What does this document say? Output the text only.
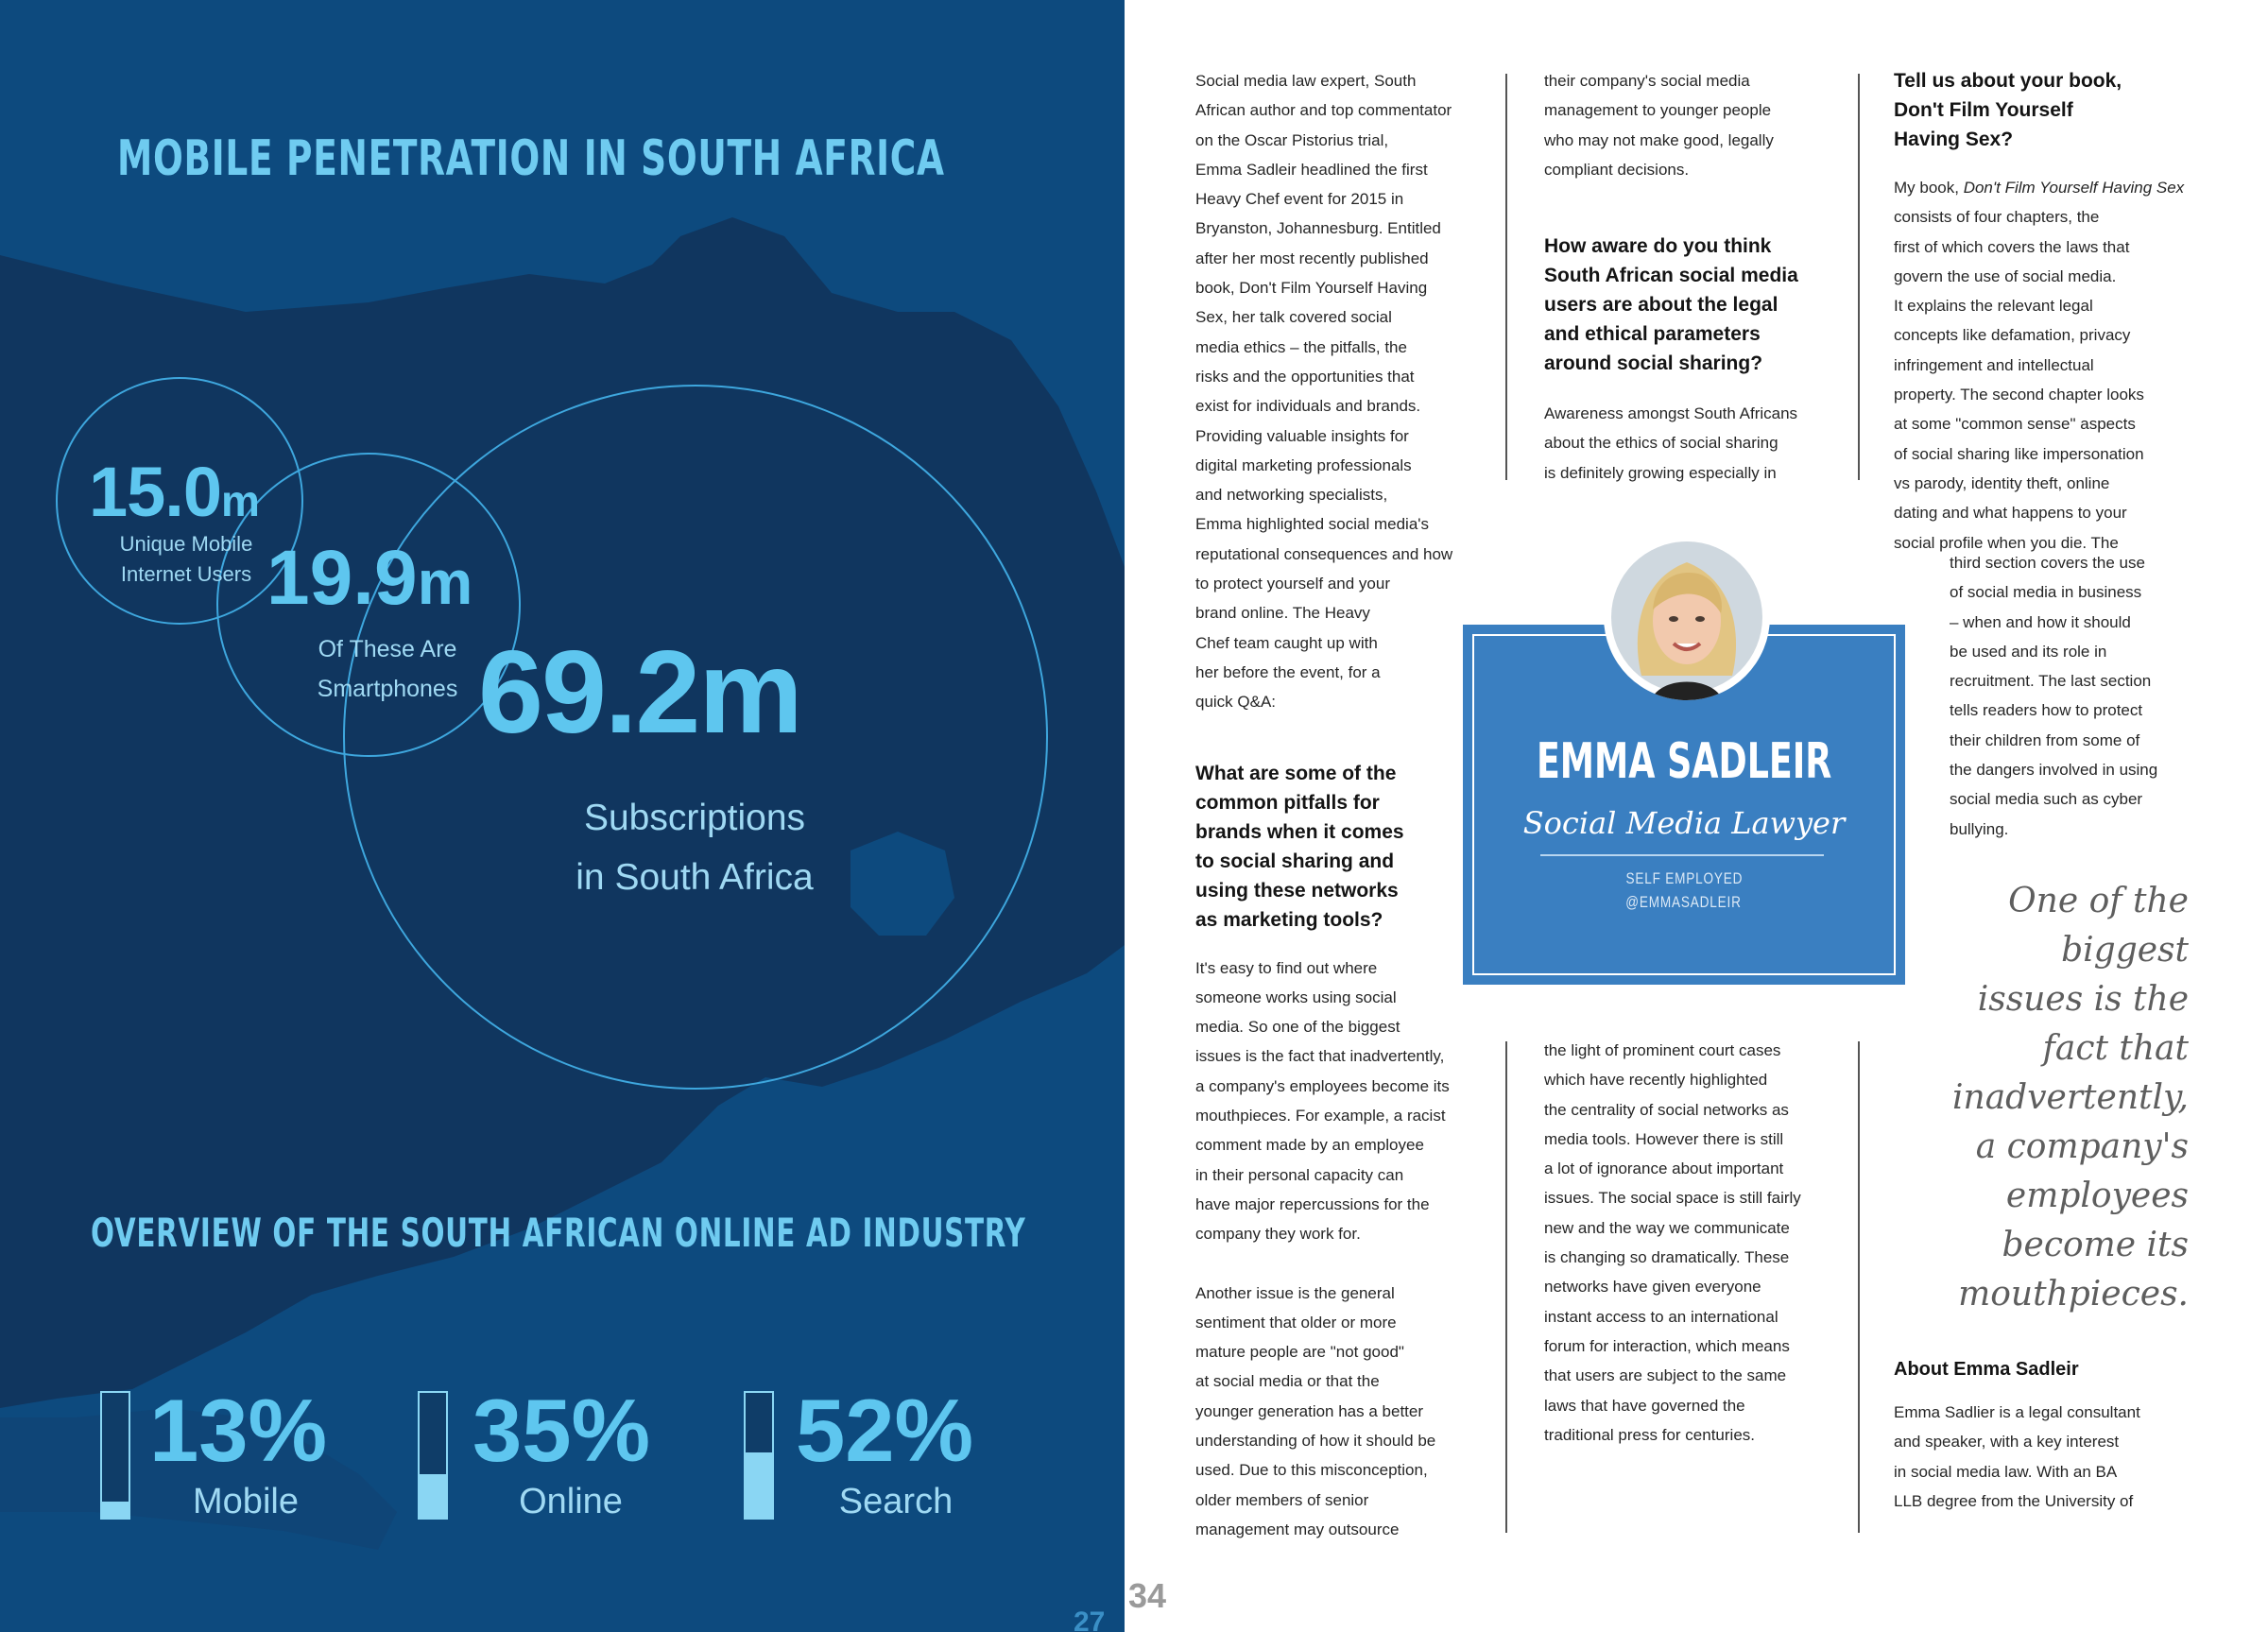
MOBILE PENETRATION IN SOUTH AFRICA
15.0m
Unique Mobile
Internet Users 19.9m
Of These Are
Smartphones 69.2m
Subscriptions
in South Africa
OVERVIEW OF THE SOUTH AFRICAN ONLINE AD INDUSTRY
13%
Mobile
35%
Online
52%
Search
27
Social media law expert, South
African author and top commentator
on the Oscar Pistorius trial,
Emma Sadleir headlined the first
Heavy Chef event for 2015 in
Bryanston, Johannesburg. Entitled
after her most recently published
book, Don't Film Yourself Having
Sex, her talk covered social
media ethics – the pitfalls, the
risks and the opportunities that
exist for individuals and brands.
Providing valuable insights for
digital marketing professionals
and networking specialists,
Emma highlighted social media's
reputational consequences and how
to protect yourself and your
brand online. The Heavy
Chef team caught up with
her before the event, for a
quick Q&A:
What are some of the
common pitfalls for
brands when it comes
to social sharing and
using these networks
as marketing tools?
It's easy to find out where
someone works using social
media. So one of the biggest
issues is the fact that inadvertently,
a company's employees become its
mouthpieces. For example, a racist
comment made by an employee
in their personal capacity can
have major repercussions for the
company they work for.
Another issue is the general
sentiment that older or more
mature people are "not good"
at social media or that the
younger generation has a better
understanding of how it should be
used. Due to this misconception,
older members of senior
management may outsource
their company's social media
management to younger people
who may not make good, legally
compliant decisions.
How aware do you think
South African social media
users are about the legal
and ethical parameters
around social sharing?
Awareness amongst South Africans
about the ethics of social sharing
is definitely growing especially in
the light of prominent court cases
which have recently highlighted
the centrality of social networks as
media tools. However there is still
a lot of ignorance about important
issues. The social space is still fairly
new and the way we communicate
is changing so dramatically. These
networks have given everyone
instant access to an international
forum for interaction, which means
that users are subject to the same
laws that have governed the
traditional press for centuries.
Tell us about your book,
Don't Film Yourself
Having Sex?
My book, Don't Film Yourself Having Sex consists of four chapters, the
first of which covers the laws that
govern the use of social media.
It explains the relevant legal
concepts like defamation, privacy
infringement and intellectual
property. The second chapter looks
at some "common sense" aspects
of social sharing like impersonation
vs parody, identity theft, online
dating and what happens to your
social profile when you die. The
third section covers the use
of social media in business
– when and how it should
be used and its role in
recruitment. The last section
tells readers how to protect
their children from some of
the dangers involved in using
social media such as cyber
bullying.
One of the
biggest
issues is the
fact that
inadvertently,
a company's
employees
become its
mouthpieces.
About Emma Sadleir
Emma Sadlier is a legal consultant
and speaker, with a key interest
in social media law. With an BA
LLB degree from the University of
EMMA SADLEIR
Social Media Lawyer
SELF EMPLOYED
@EMMASADLEIR
34
